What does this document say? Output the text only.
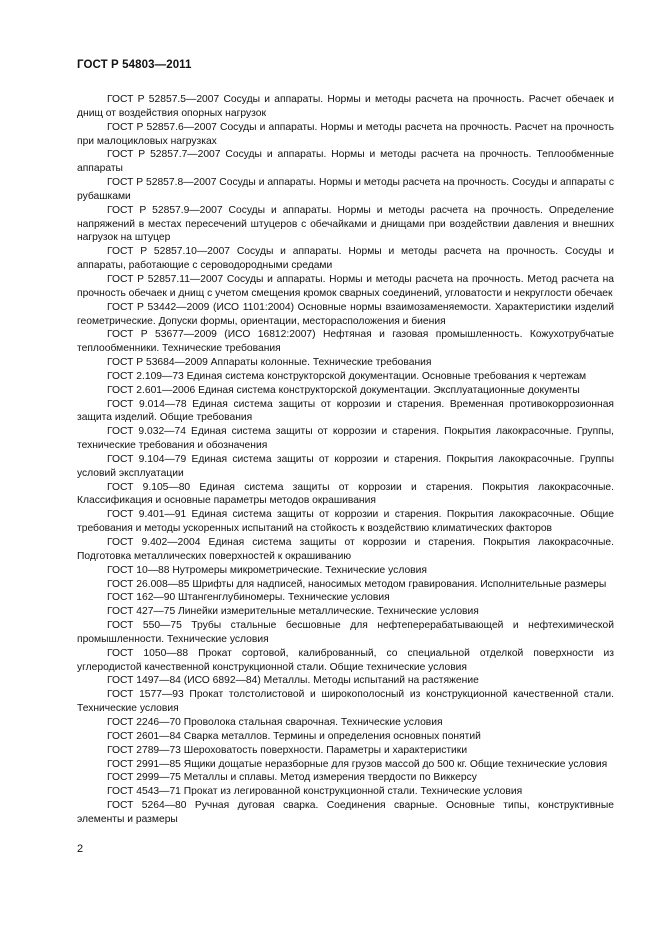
ГОСТ Р 54803—2011

ГОСТ Р 52857.5—2007 Сосуды и аппараты. Нормы и методы расчета на прочность. Расчет обечаек и днищ от воздействия опорных нагрузок

ГОСТ Р 52857.6—2007 Сосуды и аппараты. Нормы и методы расчета на прочность. Расчет на прочность при малоцикловых нагрузках

ГОСТ Р 52857.7—2007 Сосуды и аппараты. Нормы и методы расчета на прочность. Теплообменные аппараты

ГОСТ Р 52857.8—2007 Сосуды и аппараты. Нормы и методы расчета на прочность. Сосуды и аппараты с рубашками

ГОСТ Р 52857.9—2007 Сосуды и аппараты. Нормы и методы расчета на прочность. Определение напряжений в местах пересечений штуцеров с обечайками и днищами при воздействии давления и внешних нагрузок на штуцер

ГОСТ Р 52857.10—2007 Сосуды и аппараты. Нормы и методы расчета на прочность. Сосуды и аппараты, работающие с сероводородными средами

ГОСТ Р 52857.11—2007 Сосуды и аппараты. Нормы и методы расчета на прочность. Метод расчета на прочность обечаек и днищ с учетом смещения кромок сварных соединений, угловатости и некруглости обечаек

ГОСТ Р 53442—2009 (ИСО 1101:2004) Основные нормы взаимозаменяемости. Характеристики изделий геометрические. Допуски формы, ориентации, месторасположения и биения

ГОСТ Р 53677—2009 (ИСО 16812:2007) Нефтяная и газовая промышленность. Кожухотрубчатые теплообменники. Технические требования

ГОСТ Р 53684—2009 Аппараты колонные. Технические требования

ГОСТ 2.109—73 Единая система конструкторской документации. Основные требования к чертежам

ГОСТ 2.601—2006 Единая система конструкторской документации. Эксплуатационные документы

ГОСТ 9.014—78 Единая система защиты от коррозии и старения. Временная противокоррозионная защита изделий. Общие требования

ГОСТ 9.032—74 Единая система защиты от коррозии и старения. Покрытия лакокрасочные. Группы, технические требования и обозначения

ГОСТ 9.104—79 Единая система защиты от коррозии и старения. Покрытия лакокрасочные. Группы условий эксплуатации

ГОСТ 9.105—80 Единая система защиты от коррозии и старения. Покрытия лакокрасочные. Классификация и основные параметры методов окрашивания

ГОСТ 9.401—91 Единая система защиты от коррозии и старения. Покрытия лакокрасочные. Общие требования и методы ускоренных испытаний на стойкость к воздействию климатических факторов

ГОСТ 9.402—2004 Единая система защиты от коррозии и старения. Покрытия лакокрасочные. Подготовка металлических поверхностей к окрашиванию

ГОСТ 10—88 Нутромеры микрометрические. Технические условия

ГОСТ 26.008—85 Шрифты для надписей, наносимых методом гравирования. Исполнительные размеры

ГОСТ 162—90 Штангенглубиномеры. Технические условия

ГОСТ 427—75 Линейки измерительные металлические. Технические условия

ГОСТ 550—75 Трубы стальные бесшовные для нефтеперерабатывающей и нефтехимической промышленности. Технические условия

ГОСТ 1050—88 Прокат сортовой, калиброванный, со специальной отделкой поверхности из углеродистой качественной конструкционной стали. Общие технические условия

ГОСТ 1497—84 (ИСО 6892—84) Металлы. Методы испытаний на растяжение

ГОСТ 1577—93 Прокат толстолистовой и широкополосный из конструкционной качественной стали. Технические условия

ГОСТ 2246—70 Проволока стальная сварочная. Технические условия

ГОСТ 2601—84 Сварка металлов. Термины и определения основных понятий

ГОСТ 2789—73 Шероховатость поверхности. Параметры и характеристики

ГОСТ 2991—85 Ящики дощатые неразборные для грузов массой до 500 кг. Общие технические условия

ГОСТ 2999—75 Металлы и сплавы. Метод измерения твердости по Виккерсу

ГОСТ 4543—71 Прокат из легированной конструкционной стали. Технические условия

ГОСТ 5264—80 Ручная дуговая сварка. Соединения сварные. Основные типы, конструктивные элементы и размеры

2
